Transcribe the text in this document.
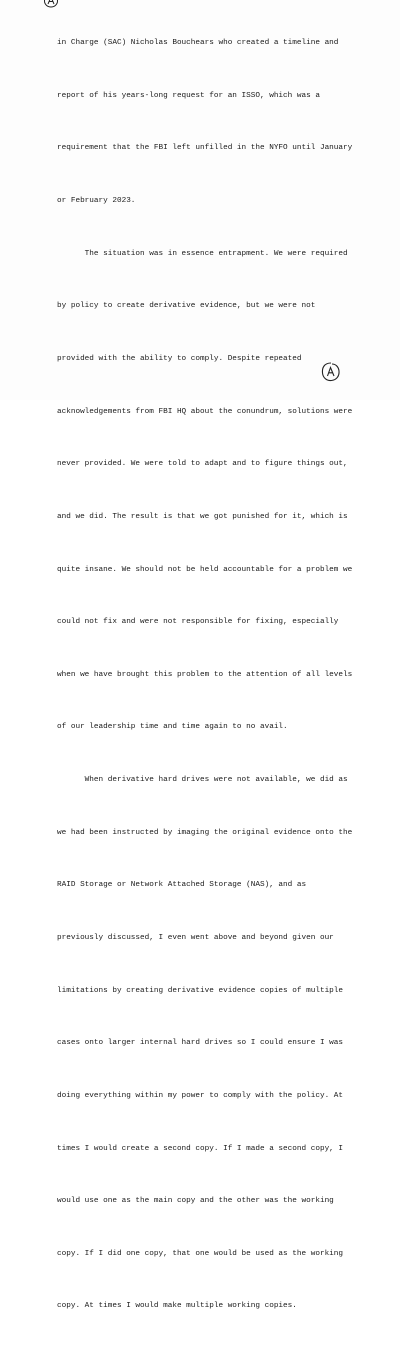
in Charge (SAC) Nicholas Bouchears who created a timeline and

report of his years-long request for an ISSO, which was a

requirement that the FBI left unfilled in the NYFO until January

or February 2023.

The situation was in essence entrapment. We were required

by policy to create derivative evidence, but we were not

provided with the ability to comply. Despite repeated

acknowledgements from FBI HQ about the conundrum, solutions were

never provided. We were told to adapt and to figure things out,

and we did. The result is that we got punished for it, which is

quite insane. We should not be held accountable for a problem we

could not fix and were not responsible for fixing, especially

when we have brought this problem to the attention of all levels

of our leadership time and time again to no avail.

When derivative hard drives were not available, we did as

we had been instructed by imaging the original evidence onto the

RAID Storage or Network Attached Storage (NAS), and as

previously discussed, I even went above and beyond given our

limitations by creating derivative evidence copies of multiple

cases onto larger internal hard drives so I could ensure I was

doing everything within my power to comply with the policy. At

times I would create a second copy. If I made a second copy, I

would use one as the main copy and the other was the working

copy. If I did one copy, that one would be used as the working

copy. At times I would make multiple working copies.
